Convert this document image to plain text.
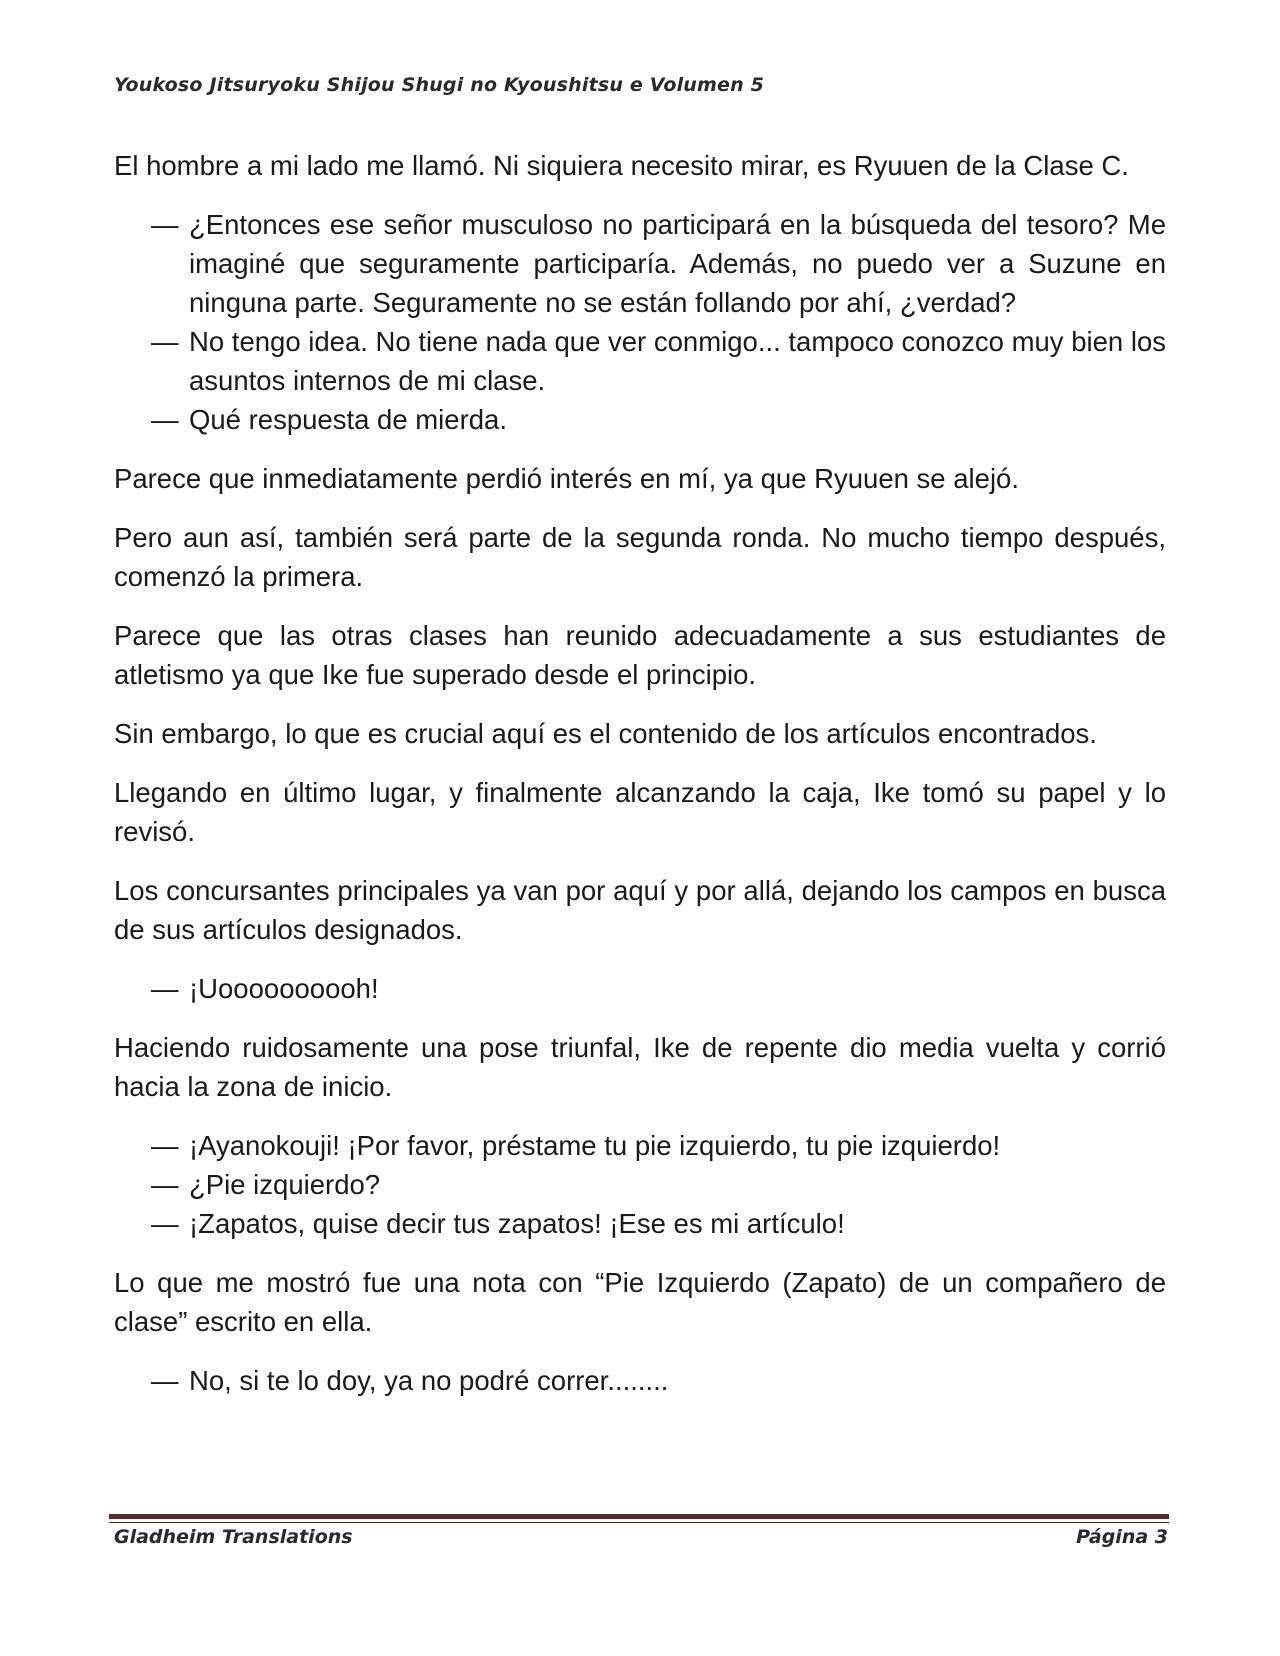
Youkoso Jitsuryoku Shijou Shugi no Kyoushitsu e Volumen 5

El hombre a mi lado me llamó. Ni siquiera necesito mirar, es Ryuuen de la Clase C.

— ¿Entonces ese señor musculoso no participará en la búsqueda del tesoro? Me imaginé que seguramente participaría. Además, no puedo ver a Suzune en ninguna parte. Seguramente no se están follando por ahí, ¿verdad?

— No tengo idea. No tiene nada que ver conmigo... tampoco conozco muy bien los asuntos internos de mi clase.

— Qué respuesta de mierda.

Parece que inmediatamente perdió interés en mí, ya que Ryuuen se alejó.

Pero aun así, también será parte de la segunda ronda. No mucho tiempo después, comenzó la primera.

Parece que las otras clases han reunido adecuadamente a sus estudiantes de atletismo ya que Ike fue superado desde el principio.

Sin embargo, lo que es crucial aquí es el contenido de los artículos encontrados.

Llegando en último lugar, y finalmente alcanzando la caja, Ike tomó su papel y lo revisó.

Los concursantes principales ya van por aquí y por allá, dejando los campos en busca de sus artículos designados.

— ¡Uoooooooooh!

Haciendo ruidosamente una pose triunfal, Ike de repente dio media vuelta y corrió hacia la zona de inicio.

— ¡Ayanokouji! ¡Por favor, préstame tu pie izquierdo, tu pie izquierdo!

— ¿Pie izquierdo?

— ¡Zapatos, quise decir tus zapatos! ¡Ese es mi artículo!

Lo que me mostró fue una nota con “Pie Izquierdo (Zapato) de un compañero de clase” escrito en ella.

— No, si te lo doy, ya no podré correr........

Gladheim Translations	Página 3
